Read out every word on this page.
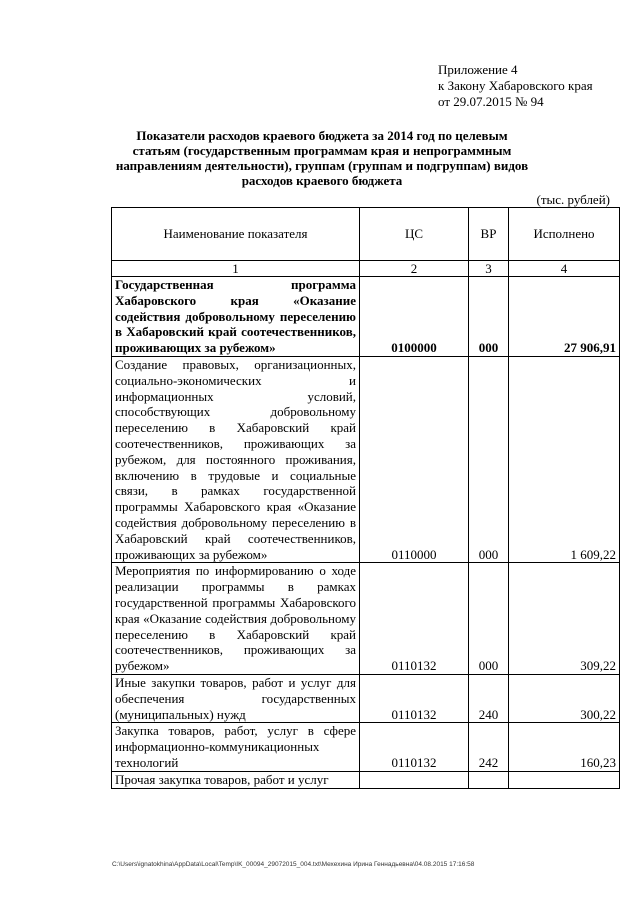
Приложение 4
к Закону Хабаровского края
от 29.07.2015 № 94
Показатели расходов краевого бюджета за 2014 год по целевым статьям (государственным программам края и непрограммным направлениям деятельности), группам (группам и подгруппам) видов расходов краевого бюджета
(тыс. рублей)
Наименование показателя	ЦС	ВР	Исполнено
1	2	3	4
Государственная программа Хабаровского края «Оказание содействия добровольному переселению в Хабаровский край соотечественников, проживающих за рубежом»	0100000	000	27 906,91
Создание правовых, организационных, социально-экономических и информационных условий, способствующих добровольному переселению в Хабаровский край соотечественников, проживающих за рубежом, для постоянного проживания, включению в трудовые и социальные связи, в рамках государственной программы Хабаровского края «Оказание содействия добровольному переселению в Хабаровский край соотечественников, проживающих за рубежом»	0110000	000	1 609,22
Мероприятия по информированию о ходе реализации программы в рамках государственной программы Хабаровского края «Оказание содействия добровольному переселению в Хабаровский край соотечественников, проживающих за рубежом»	0110132	000	309,22
Иные закупки товаров, работ и услуг для обеспечения государственных (муниципальных) нужд	0110132	240	300,22
Закупка товаров, работ, услуг в сфере информационно-коммуникационных технологий	0110132	242	160,23
Прочая закупка товаров, работ и услуг			
C:\Users\ignatokhina\AppData\Local\Temp\IK_00094_29072015_004.txt\Мехехина Ирина Геннадьевна\04.08.2015 17:16:58
